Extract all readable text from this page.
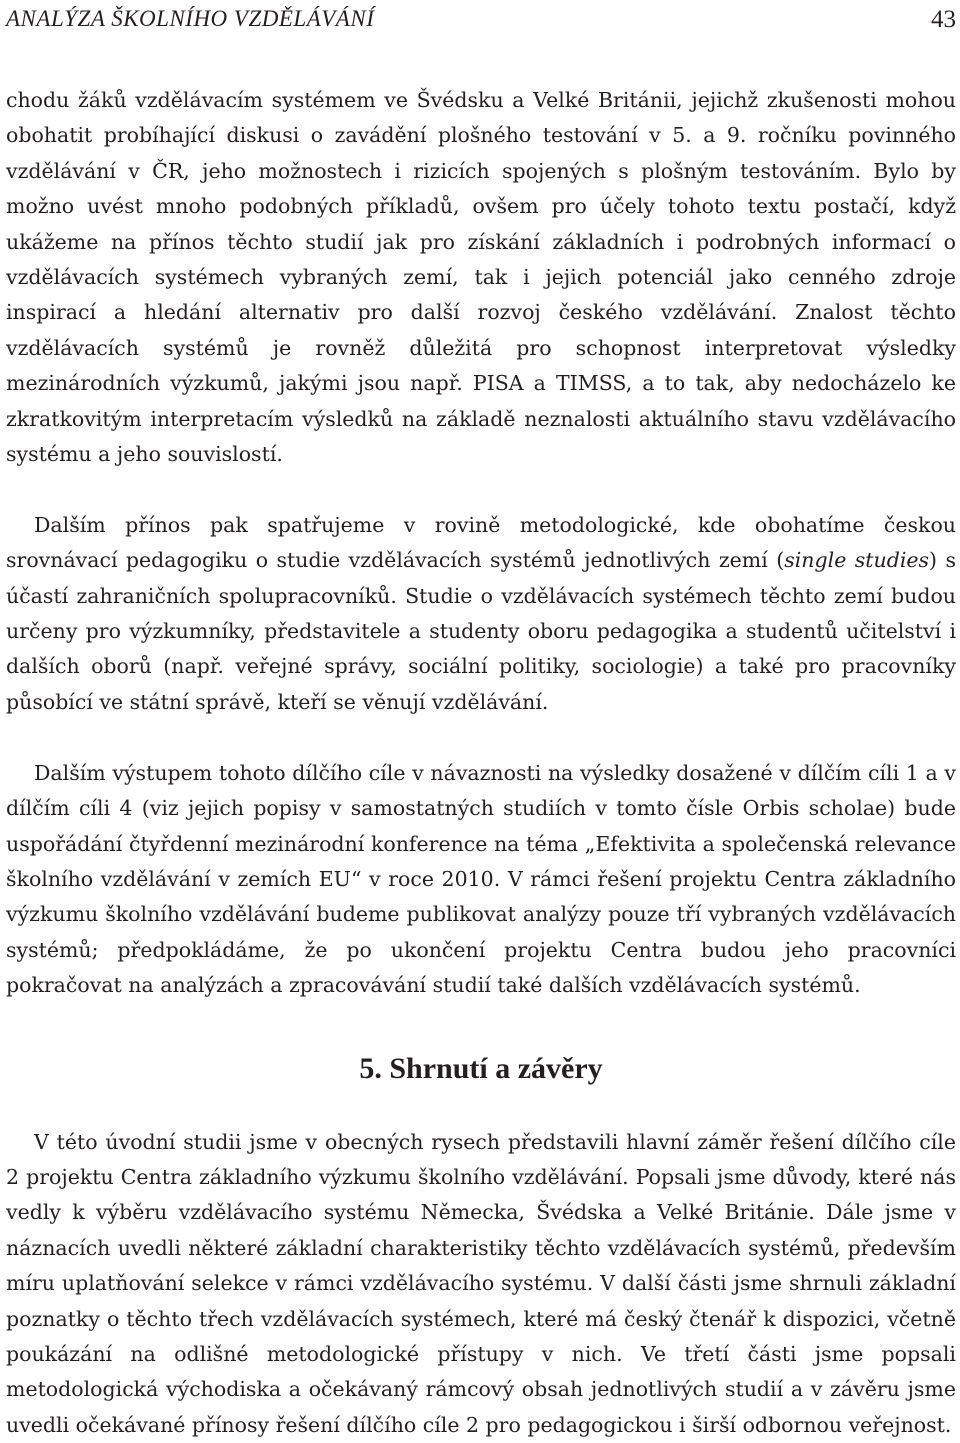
ANALÝZA ŠKOLNÍHO VZDĚLÁVÁNÍ	43

chodu žáků vzdělávacím systémem ve Švédsku a Velké Británii, jejichž zkušenosti mohou obohatit probíhající diskusi o zavádění plošného testování v 5. a 9. ročníku povinného vzdělávání v ČR, jeho možnostech i rizicích spojených s plošným testováním. Bylo by možno uvést mnoho podobných příkladů, ovšem pro účely tohoto textu postačí, když ukážeme na přínos těchto studií jak pro získání základních i podrobných informací o vzdělávacích systémech vybraných zemí, tak i jejich potenciál jako cenného zdroje inspirací a hledání alternativ pro další rozvoj českého vzdělávání. Znalost těchto vzdělávacích systémů je rovněž důležitá pro schopnost interpretovat výsledky mezinárodních výzkumů, jakými jsou např. PISA a TIMSS, a to tak, aby nedocházelo ke zkratkovitým interpretacím výsledků na základě neznalosti aktuálního stavu vzdělávacího systému a jeho souvislostí.

Dalším přínos pak spatřujeme v rovině metodologické, kde obohatíme českou srovnávací pedagogiku o studie vzdělávacích systémů jednotlivých zemí (single studies) s účastí zahraničních spolupracovníků. Studie o vzdělávacích systémech těchto zemí budou určeny pro výzkumníky, představitele a studenty oboru pedagogika a studentů učitelství i dalších oborů (např. veřejné správy, sociální politiky, sociologie) a také pro pracovníky působící ve státní správě, kteří se věnují vzdělávání.

Dalším výstupem tohoto dílčího cíle v návaznosti na výsledky dosažené v dílčím cíli 1 a v dílčím cíli 4 (viz jejich popisy v samostatných studiích v tomto čísle Orbis scholae) bude uspořádání čtyřdenní mezinárodní konference na téma „Efektivita a společenská relevance školního vzdělávání v zemích EU“ v roce 2010. V rámci řešení projektu Centra základního výzkumu školního vzdělávání budeme publikovat analýzy pouze tří vybraných vzdělávacích systémů; předpokládáme, že po ukončení projektu Centra budou jeho pracovníci pokračovat na analýzách a zpracovávání studií také dalších vzdělávacích systémů.

5. Shrnutí a závěry

V této úvodní studii jsme v obecných rysech představili hlavní záměr řešení dílčího cíle 2 projektu Centra základního výzkumu školního vzdělávání. Popsali jsme důvody, které nás vedly k výběru vzdělávacího systému Německa, Švédska a Velké Británie. Dále jsme v náznacích uvedli některé základní charakteristiky těchto vzdělávacích systémů, především míru uplatňování selekce v rámci vzdělávacího systému. V další části jsme shrnuli základní poznatky o těchto třech vzdělávacích systémech, které má český čtenář k dispozici, včetně poukázání na odlišné metodologické přístupy v nich. Ve třetí části jsme popsali metodologická východiska a očekávaný rámcový obsah jednotlivých studií a v závěru jsme uvedli očekávané přínosy řešení dílčího cíle 2 pro pedagogickou i širší odbornou veřejnost.
